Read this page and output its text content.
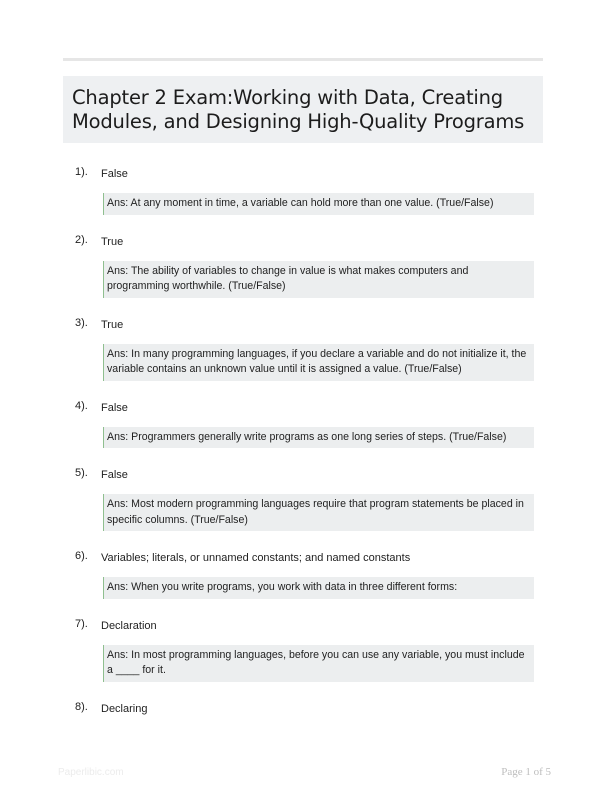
Chapter 2 Exam:Working with Data, Creating Modules, and Designing High-Quality Programs
1). False
Ans: At any moment in time, a variable can hold more than one value. (True/False)
2). True
Ans: The ability of variables to change in value is what makes computers and programming worthwhile. (True/False)
3). True
Ans: In many programming languages, if you declare a variable and do not initialize it, the variable contains an unknown value until it is assigned a value. (True/False)
4). False
Ans: Programmers generally write programs as one long series of steps. (True/False)
5). False
Ans: Most modern programming languages require that program statements be placed in specific columns. (True/False)
6). Variables; literals, or unnamed constants; and named constants
Ans: When you write programs, you work with data in three different forms:
7). Declaration
Ans: In most programming languages, before you can use any variable, you must include a ____ for it.
8). Declaring
Paperlibic.com	Page 1 of 5
